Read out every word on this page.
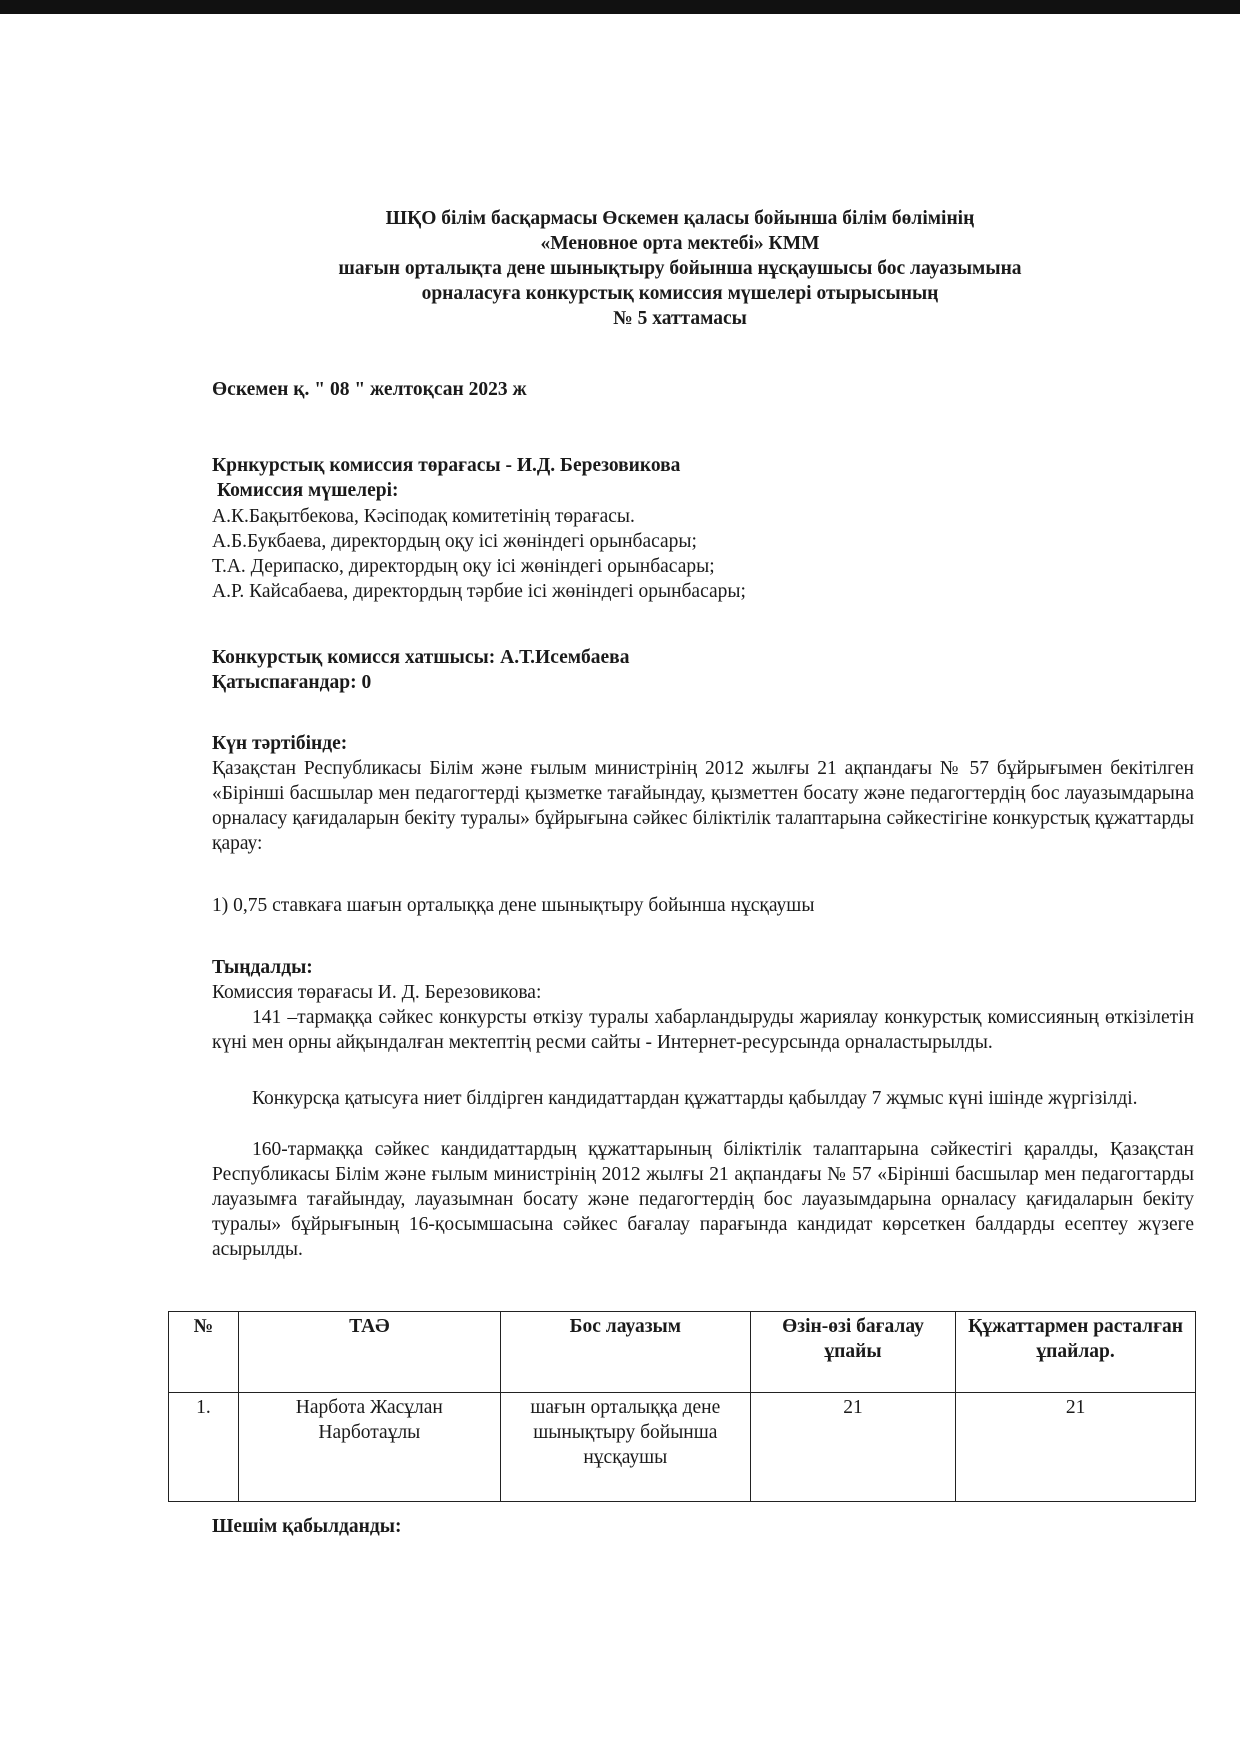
ШҚО білім басқармасы Өскемен қаласы бойынша білім бөлімінің
«Меновное орта мектебі» КММ
шағын орталықта дене шынықтыру бойынша нұсқаушысы бос лауазымына
орналасуға конкурстық комиссия мүшелері отырысының
№ 5 хаттамасы
Өскемен қ. " 08 " желтоқсан 2023 ж
Крнкурстық комиссия төрағасы - И.Д. Березовикова
Комиссия мүшелері:
А.К.Бақытбекова, Кәсіподақ комитетінің төрағасы.
А.Б.Букбаева, директордың оқу ісі жөніндегі орынбасары;
Т.А. Дерипаско, директордың оқу ісі жөніндегі орынбасары;
А.Р. Кайсабаева, директордың тәрбие ісі жөніндегі орынбасары;
Конкурстық комисся хатшысы: А.Т.Исембаева
Қатыспағандар: 0
Күн тәртібінде:
Қазақстан Республикасы Білім және ғылым министрінің 2012 жылғы 21 ақпандағы № 57 бұйрығымен бекітілген «Бірінші басшылар мен педагогтерді қызметке тағайындау, қызметтен босату және педагогтердің бос лауазымдарына орналасу қағидаларын бекіту туралы» бұйрығына сәйкес біліктілік талаптарына сәйкестігіне конкурстық құжаттарды қарау:
1) 0,75 ставкаға шағын орталыққа дене шынықтыру бойынша нұсқаушы
Тыңдалды:
Комиссия төрағасы И. Д. Березовикова:
141 –тармаққа сәйкес конкурсты өткізу туралы хабарландыруды жариялау конкурстық комиссияның өткізілетін күні мен орны айқындалған мектептің ресми сайты - Интернет-ресурсында орналастырылды.
Конкурсқа қатысуға ниет білдірген кандидаттардан құжаттарды қабылдау 7 жұмыс күні ішінде жүргізілді.
160-тармаққа сәйкес кандидаттардың құжаттарының біліктілік талаптарына сәйкестігі қаралды, Қазақстан Республикасы Білім және ғылым министрінің 2012 жылғы 21 ақпандағы № 57 «Бірінші басшылар мен педагогтарды лауазымға тағайындау, лауазымнан босату және педагогтердің бос лауазымдарына орналасу қағидаларын бекіту туралы» бұйрығының 16-қосымшасына сәйкес бағалау парағында кандидат көрсеткен балдарды есептеу жүзеге асырылды.
№	ТАӘ	Бос лауазым	Өзін-өзі бағалау ұпайы	Құжаттармен расталған ұпайлар.
1.	Нарбота Жасұлан Нарботаұлы	шағын орталыққа дене шынықтыру бойынша нұсқаушы	21	21
Шешім қабылданды:
